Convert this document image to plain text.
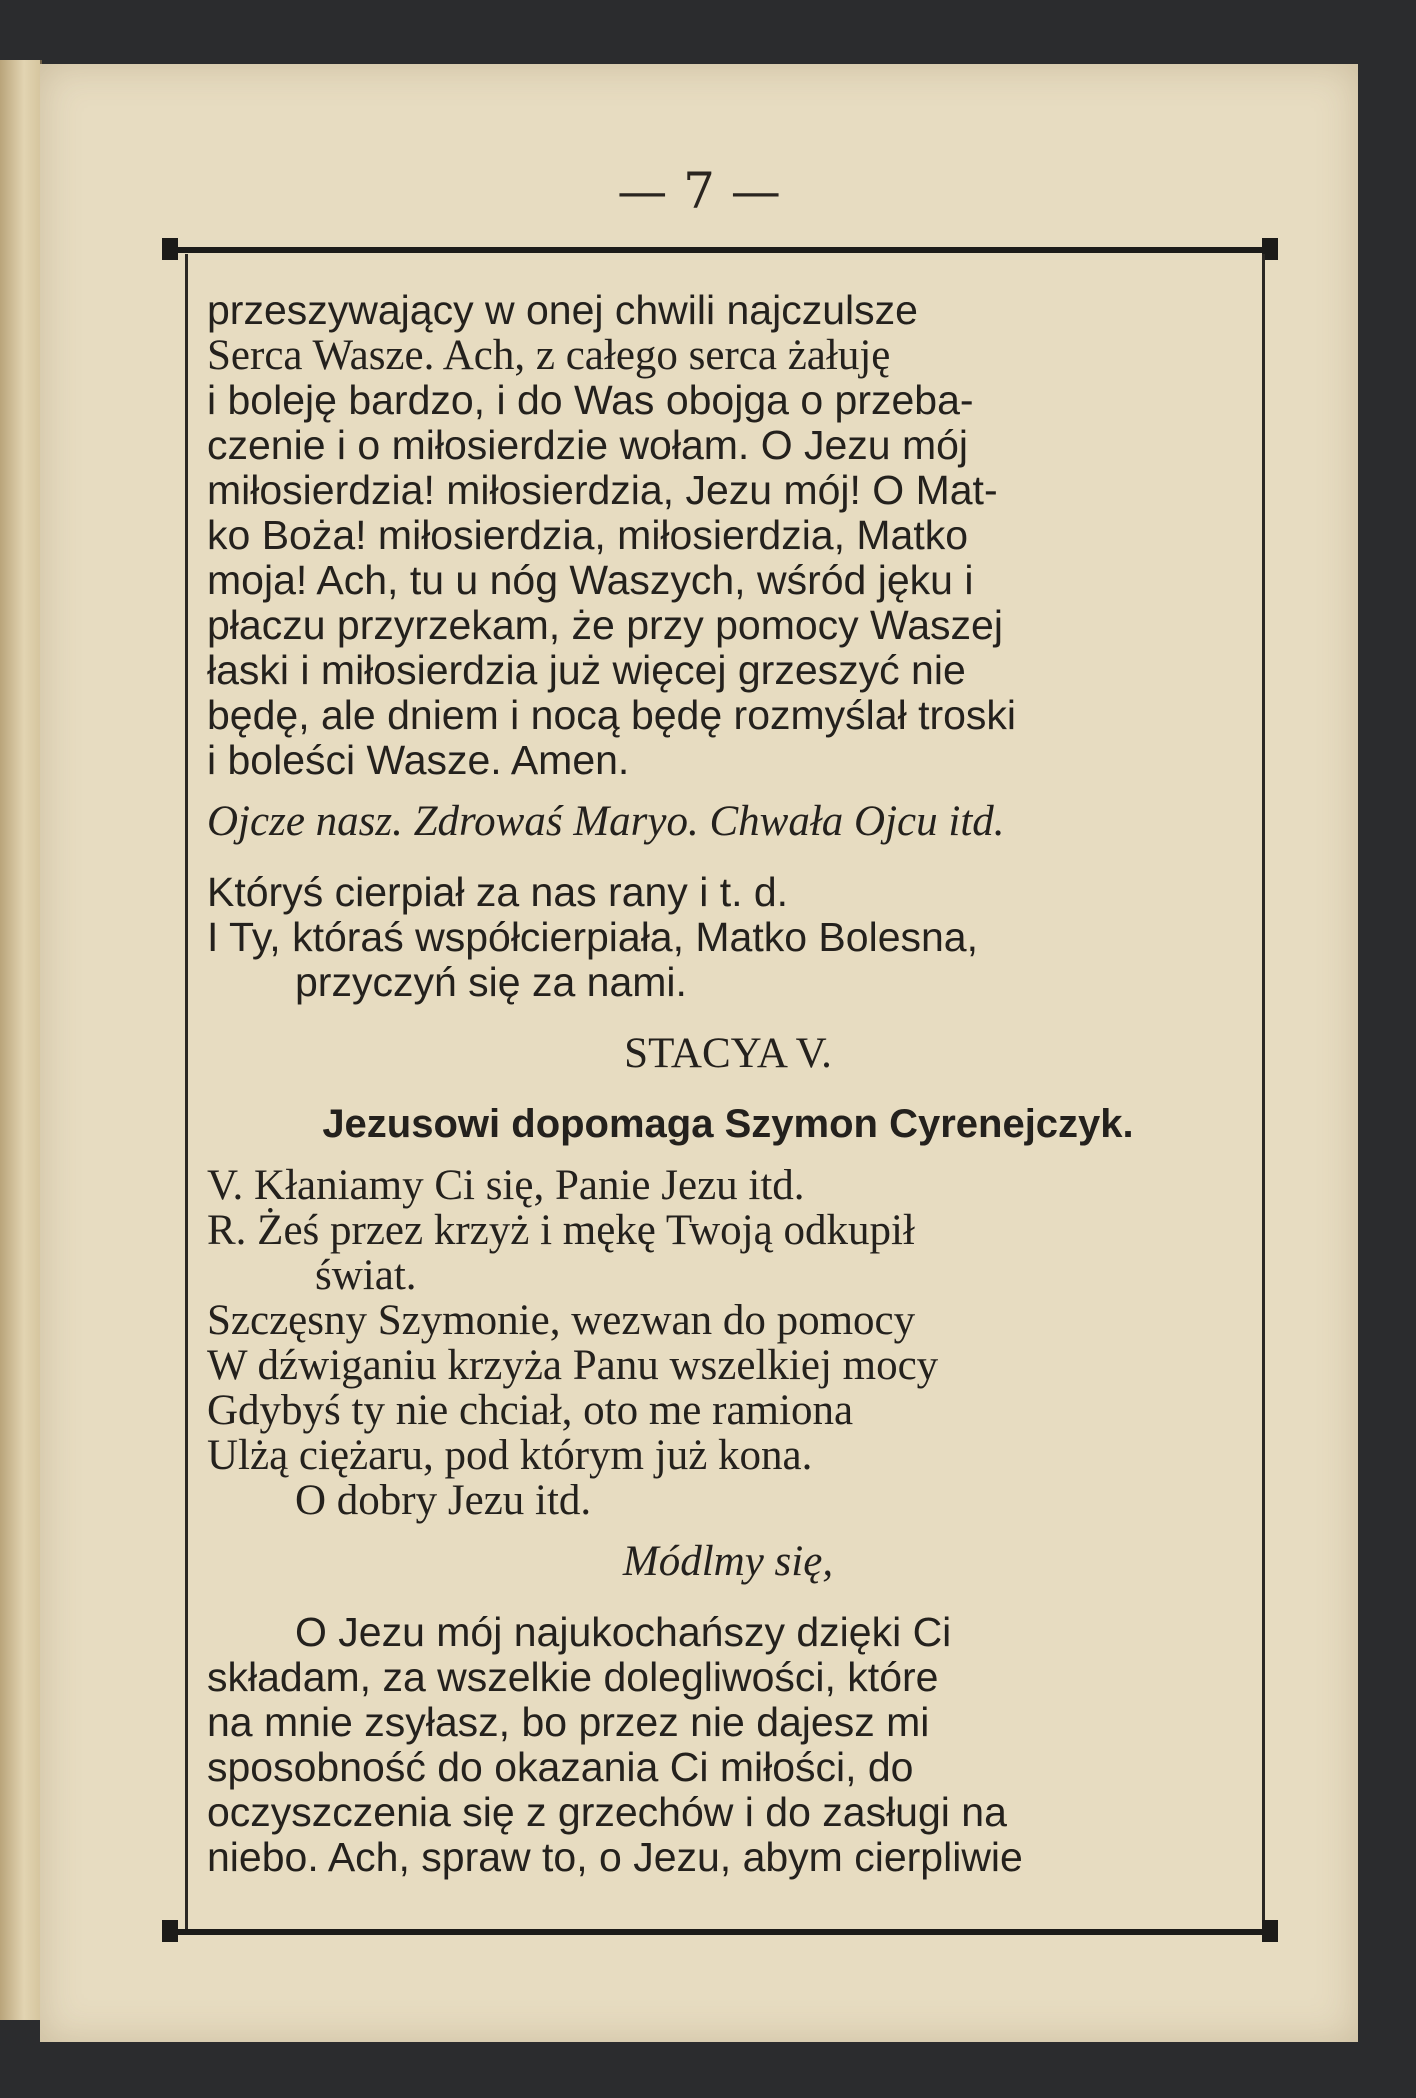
— 7 —
przeszywający w onej chwili najczulsze
Serca Wasze. Ach, z całego serca żałuję
i boleję bardzo, i do Was obojga o przeba-
czenie i o miłosierdzie wołam. O Jezu mój
miłosierdzia! miłosierdzia, Jezu mój! O Mat-
ko Boża! miłosierdzia, miłosierdzia, Matko
moja! Ach, tu u nóg Waszych, wśród jęku i
płaczu przyrzekam, że przy pomocy Waszej
łaski i miłosierdzia już więcej grzeszyć nie
będę, ale dniem i nocą będę rozmyślał troski
i boleści Wasze. Amen.
Ojcze nasz. Zdrowaś Maryo. Chwała Ojcu itd.
Któryś cierpiał za nas rany i t. d.
I Ty, któraś współcierpiała, Matko Bolesna,
przyczyń się za nami.
STACYA V.
Jezusowi dopomaga Szymon Cyrenejczyk.
V. Kłaniamy Ci się, Panie Jezu itd.
R. Żeś przez krzyż i mękę Twoją odkupił
świat.
Szczęsny Szymonie, wezwan do pomocy
W dźwiganiu krzyża Panu wszelkiej mocy
Gdybyś ty nie chciał, oto me ramiona
Ulżą ciężaru, pod którym już kona.
O dobry Jezu itd.
Módlmy się,
O Jezu mój najukochańszy dzięki Ci
składam, za wszelkie dolegliwości, które
na mnie zsyłasz, bo przez nie dajesz mi
sposobność do okazania Ci miłości, do
oczyszczenia się z grzechów i do zasługi na
niebo. Ach, spraw to, o Jezu, abym cierpliwie
